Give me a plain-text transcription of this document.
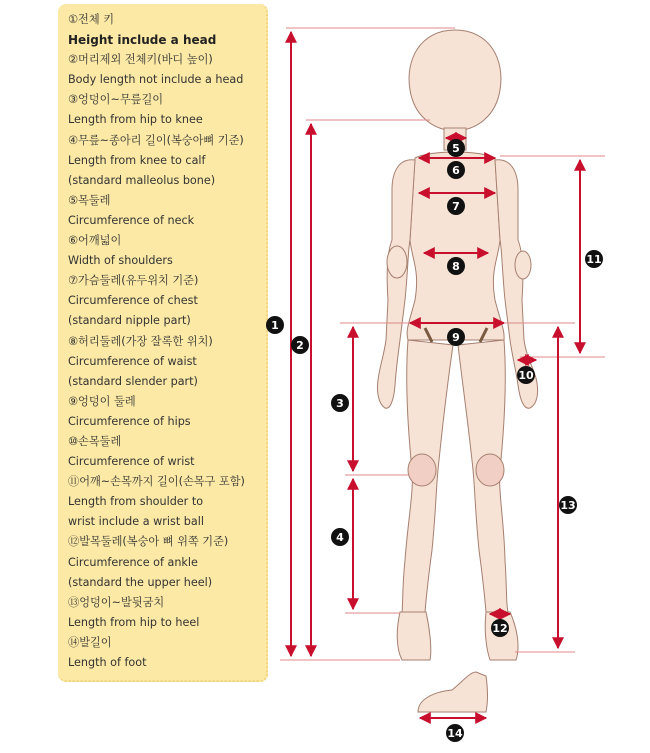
①전체 키
Height include a head
②머리제외 전체키(바디 높이)
Body length not include a head
③엉덩이~무릎길이
Length from hip to knee
④무릎~종아리 길이(복숭아뼈 기준)
Length from knee to calf
(standard malleolus bone)
⑤목둘레
Circumference of neck
⑥어깨넓이
Width of shoulders
⑦가슴둘레(유두위치 기준)
Circumference of chest
(standard nipple part)
⑧허리둘레(가장 잘록한 위치)
Circumference of waist
(standard slender part)
⑨엉덩이 둘레
Circumference of hips
⑩손목둘레
Circumference of wrist
⑪어깨~손목까지 길이(손목구 포함)
Length from shoulder to
wrist include a wrist ball
⑫발목둘레(복숭아 뼈 위쪽 기준)
Circumference of ankle
(standard the upper heel)
⑬엉덩이~발뒷굼치
Length from hip to heel
⑭발길이
Length of foot
1
2
3
4
5
6
7
8
9
10
11
12
13
14
